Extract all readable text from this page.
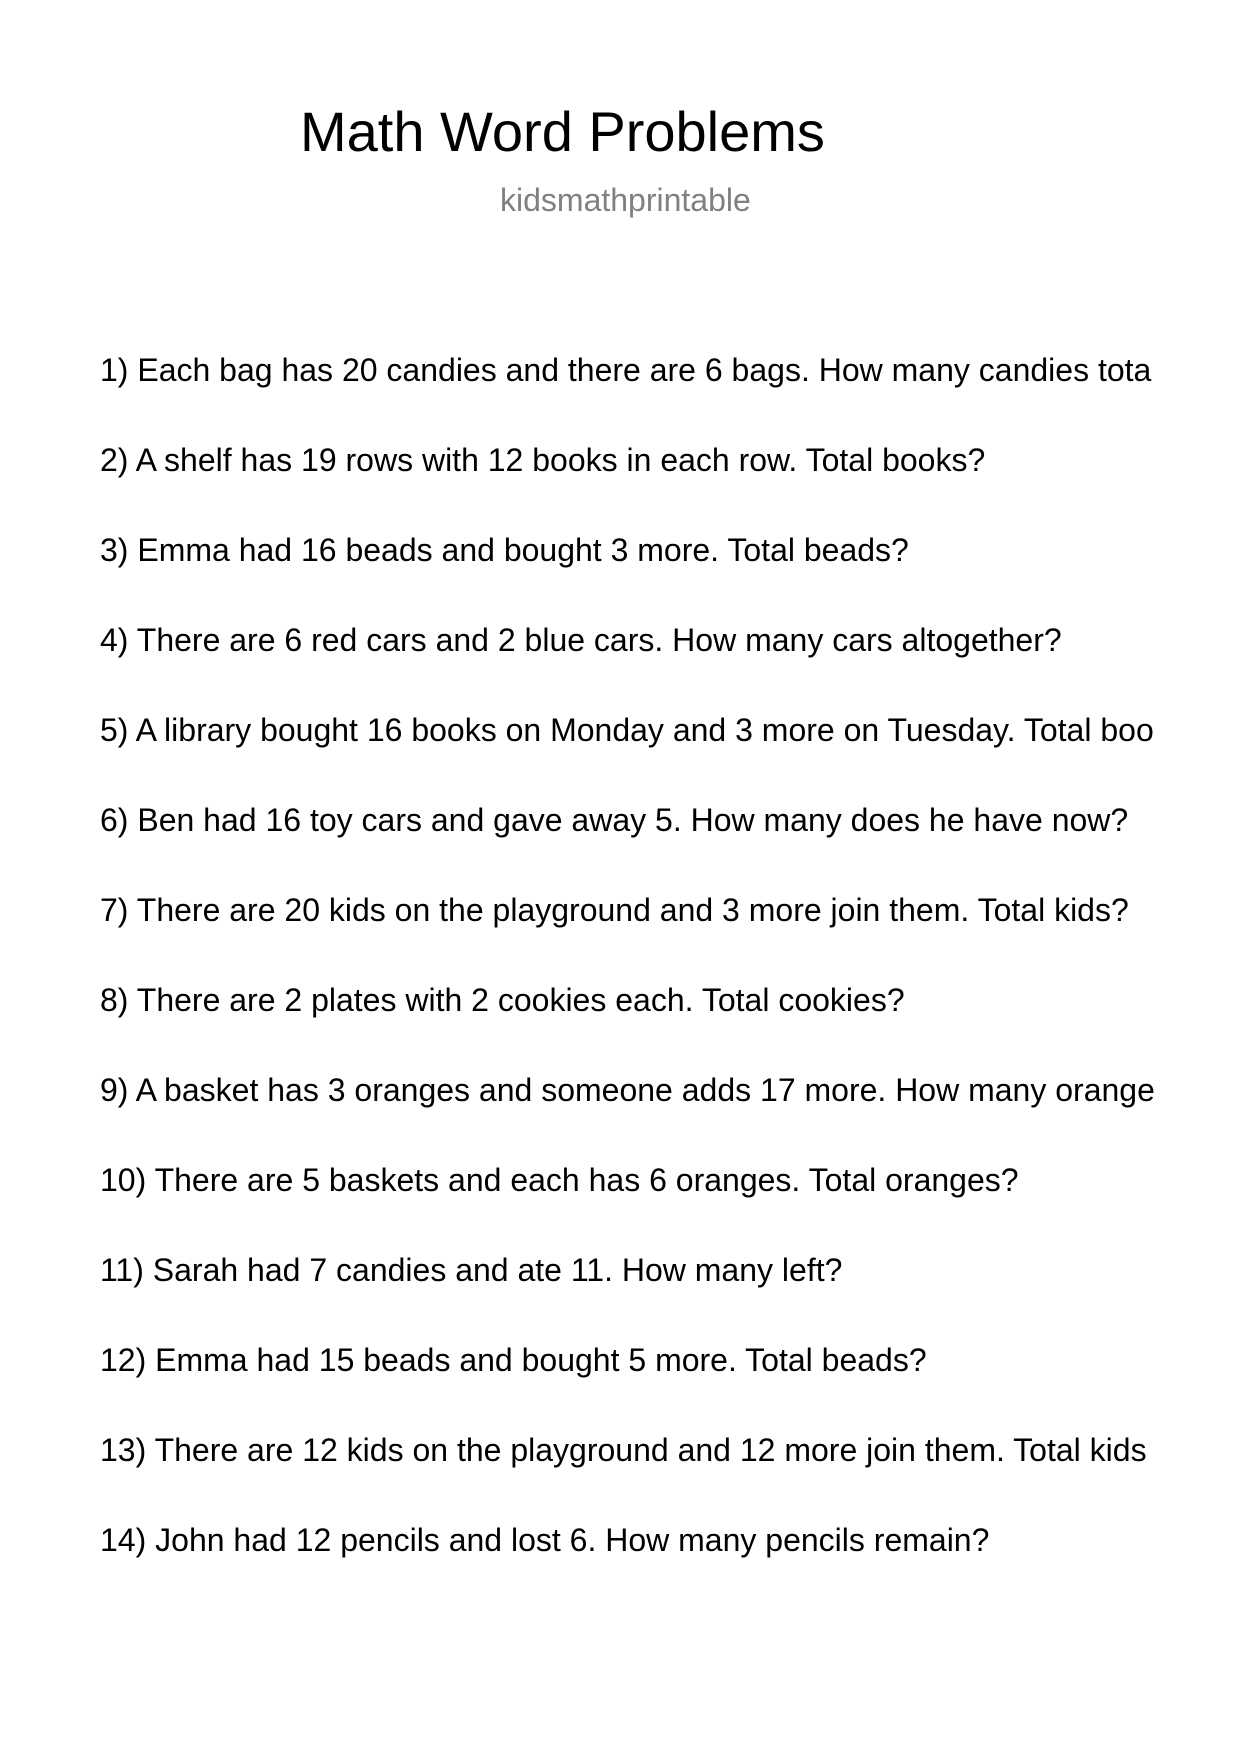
Math Word Problems
kidsmathprintable
1) Each bag has 20 candies and there are 6 bags. How many candies tota
2) A shelf has 19 rows with 12 books in each row. Total books?
3) Emma had 16 beads and bought 3 more. Total beads?
4) There are 6 red cars and 2 blue cars. How many cars altogether?
5) A library bought 16 books on Monday and 3 more on Tuesday. Total boo
6) Ben had 16 toy cars and gave away 5. How many does he have now?
7) There are 20 kids on the playground and 3 more join them. Total kids?
8) There are 2 plates with 2 cookies each. Total cookies?
9) A basket has 3 oranges and someone adds 17 more. How many orange
10) There are 5 baskets and each has 6 oranges. Total oranges?
11) Sarah had 7 candies and ate 11. How many left?
12) Emma had 15 beads and bought 5 more. Total beads?
13) There are 12 kids on the playground and 12 more join them. Total kids
14) John had 12 pencils and lost 6. How many pencils remain?
